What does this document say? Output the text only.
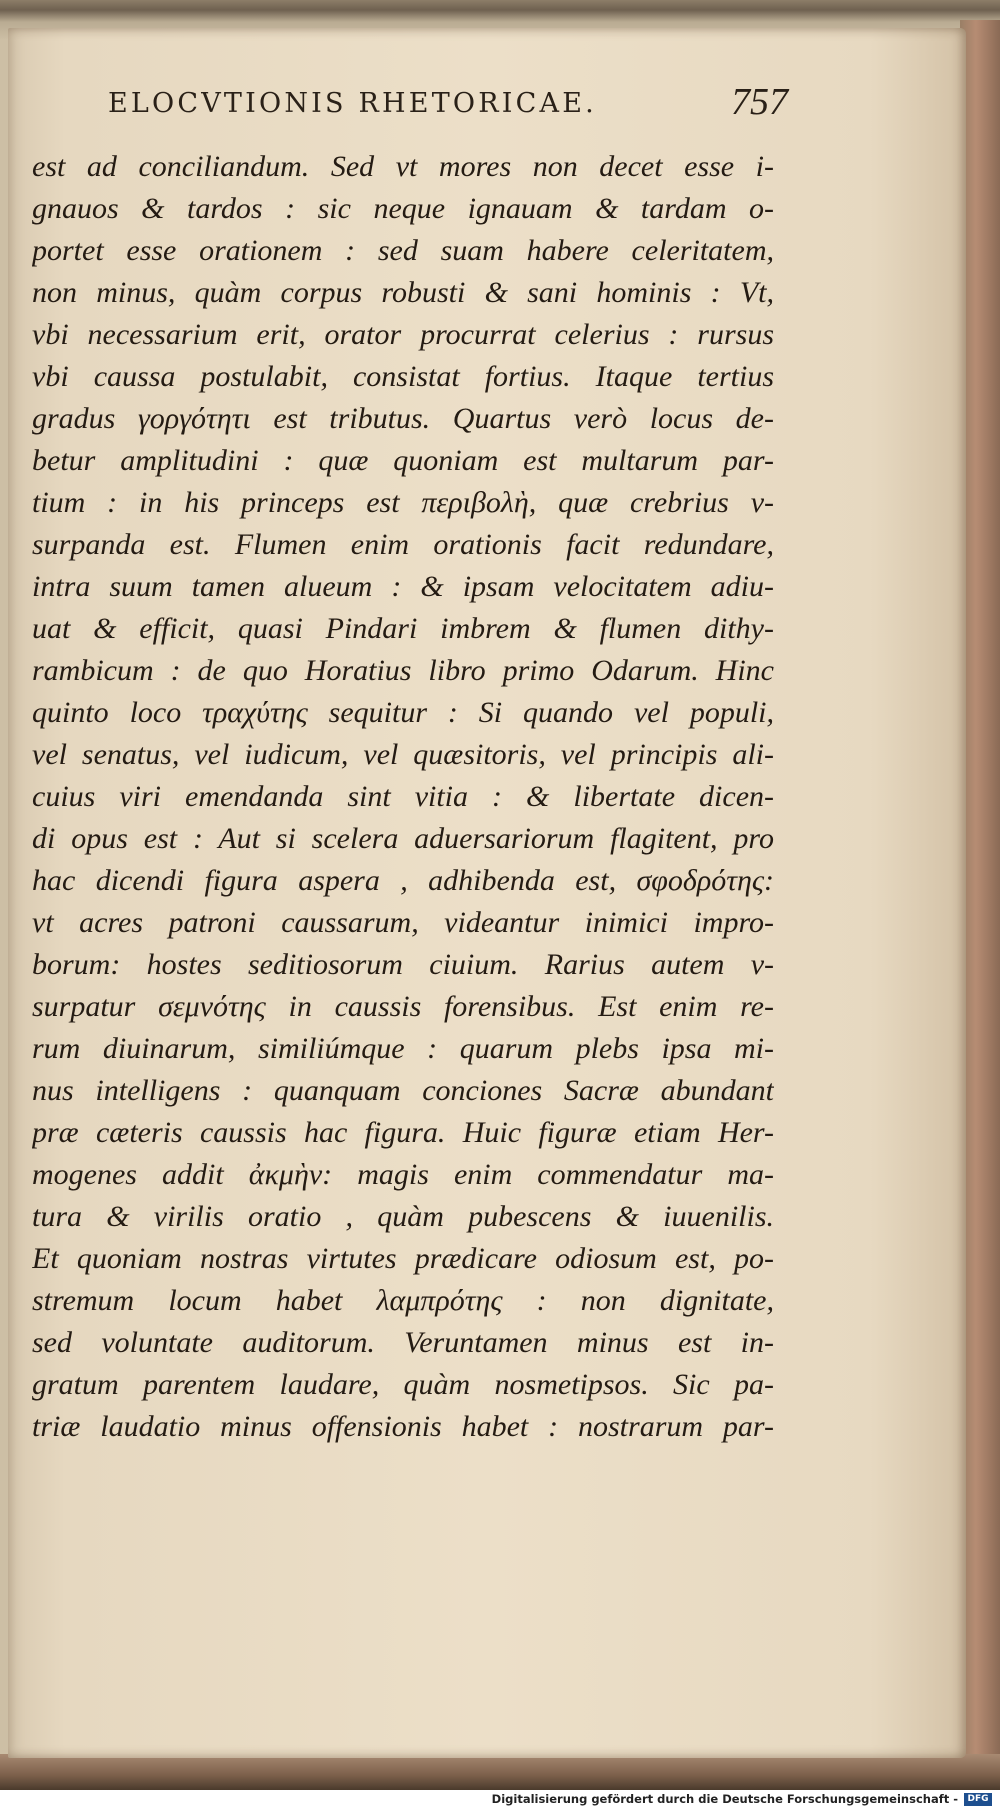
ELOCVTIONIS RHETORICAE.	757
est ad conciliandum. Sed vt mores non decet esse i-
gnauos & tardos : sic neque ignauam & tardam o-
portet esse orationem : sed suam habere celeritatem,
non minus, quàm corpus robusti & sani hominis : Vt,
vbi necessarium erit, orator procurrat celerius : rursus
vbi caussa postulabit, consistat fortius. Itaque tertius
gradus γοργότητι est tributus. Quartus verò locus de-
betur amplitudini : quæ quoniam est multarum par-
tium : in his princeps est περιβολὴ, quæ crebrius v-
surpanda est. Flumen enim orationis facit redundare,
intra suum tamen alueum : & ipsam velocitatem adiu-
uat & efficit, quasi Pindari imbrem & flumen dithy-
rambicum : de quo Horatius libro primo Odarum. Hinc
quinto loco τραχύτης sequitur : Si quando vel populi,
vel senatus, vel iudicum, vel quæsitoris, vel principis ali-
cuius viri emendanda sint vitia : & libertate dicen-
di opus est : Aut si scelera aduersariorum flagitent, pro
hac dicendi figura aspera , adhibenda est, σφοδρότης:
vt acres patroni caussarum, videantur inimici impro-
borum: hostes seditiosorum ciuium. Rarius autem v-
surpatur σεμνότης in caussis forensibus. Est enim re-
rum diuinarum, similiúmque : quarum plebs ipsa mi-
nus intelligens : quanquam conciones Sacræ abundant
præ cæteris caussis hac figura. Huic figuræ etiam Her-
mogenes addit ἀκμὴν: magis enim commendatur ma-
tura & virilis oratio , quàm pubescens & iuuenilis.
Et quoniam nostras virtutes prædicare odiosum est, po-
stremum locum habet λαμπρότης : non dignitate,
sed voluntate auditorum. Veruntamen minus est in-
gratum parentem laudare, quàm nosmetipsos. Sic pa-
triæ laudatio minus offensionis habet : nostrarum par-
Digitalisierung gefördert durch die Deutsche Forschungsgemeinschaft -	DFG
